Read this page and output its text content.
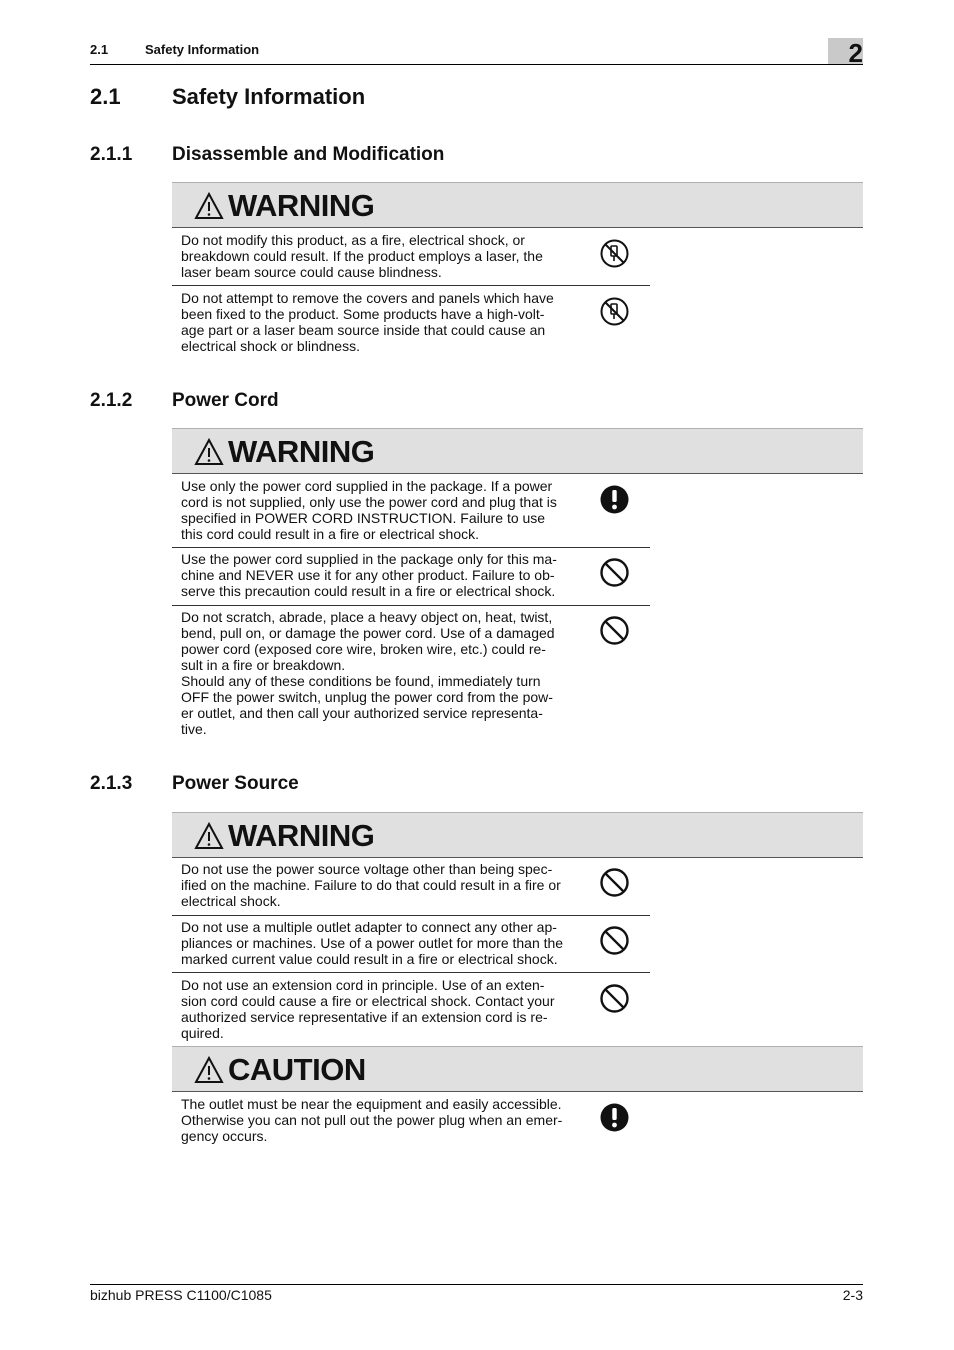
2.1	Safety Information	2
2.1 Safety Information
2.1.1 Disassemble and Modification
WARNING
Do not modify this product, as a fire, electrical shock, or
breakdown could result. If the product employs a laser, the
laser beam source could cause blindness.
Do not attempt to remove the covers and panels which have
been fixed to the product. Some products have a high-volt-
age part or a laser beam source inside that could cause an
electrical shock or blindness.
2.1.2 Power Cord
WARNING
Use only the power cord supplied in the package. If a power
cord is not supplied, only use the power cord and plug that is
specified in POWER CORD INSTRUCTION. Failure to use
this cord could result in a fire or electrical shock.
Use the power cord supplied in the package only for this ma-
chine and NEVER use it for any other product. Failure to ob-
serve this precaution could result in a fire or electrical shock.
Do not scratch, abrade, place a heavy object on, heat, twist,
bend, pull on, or damage the power cord. Use of a damaged
power cord (exposed core wire, broken wire, etc.) could re-
sult in a fire or breakdown.
Should any of these conditions be found, immediately turn
OFF the power switch, unplug the power cord from the pow-
er outlet, and then call your authorized service representa-
tive.
2.1.3 Power Source
WARNING
Do not use the power source voltage other than being spec-
ified on the machine. Failure to do that could result in a fire or
electrical shock.
Do not use a multiple outlet adapter to connect any other ap-
pliances or machines. Use of a power outlet for more than the
marked current value could result in a fire or electrical shock.
Do not use an extension cord in principle. Use of an exten-
sion cord could cause a fire or electrical shock. Contact your
authorized service representative if an extension cord is re-
quired.
CAUTION
The outlet must be near the equipment and easily accessible.
Otherwise you can not pull out the power plug when an emer-
gency occurs.
bizhub PRESS C1100/C1085	2-3
